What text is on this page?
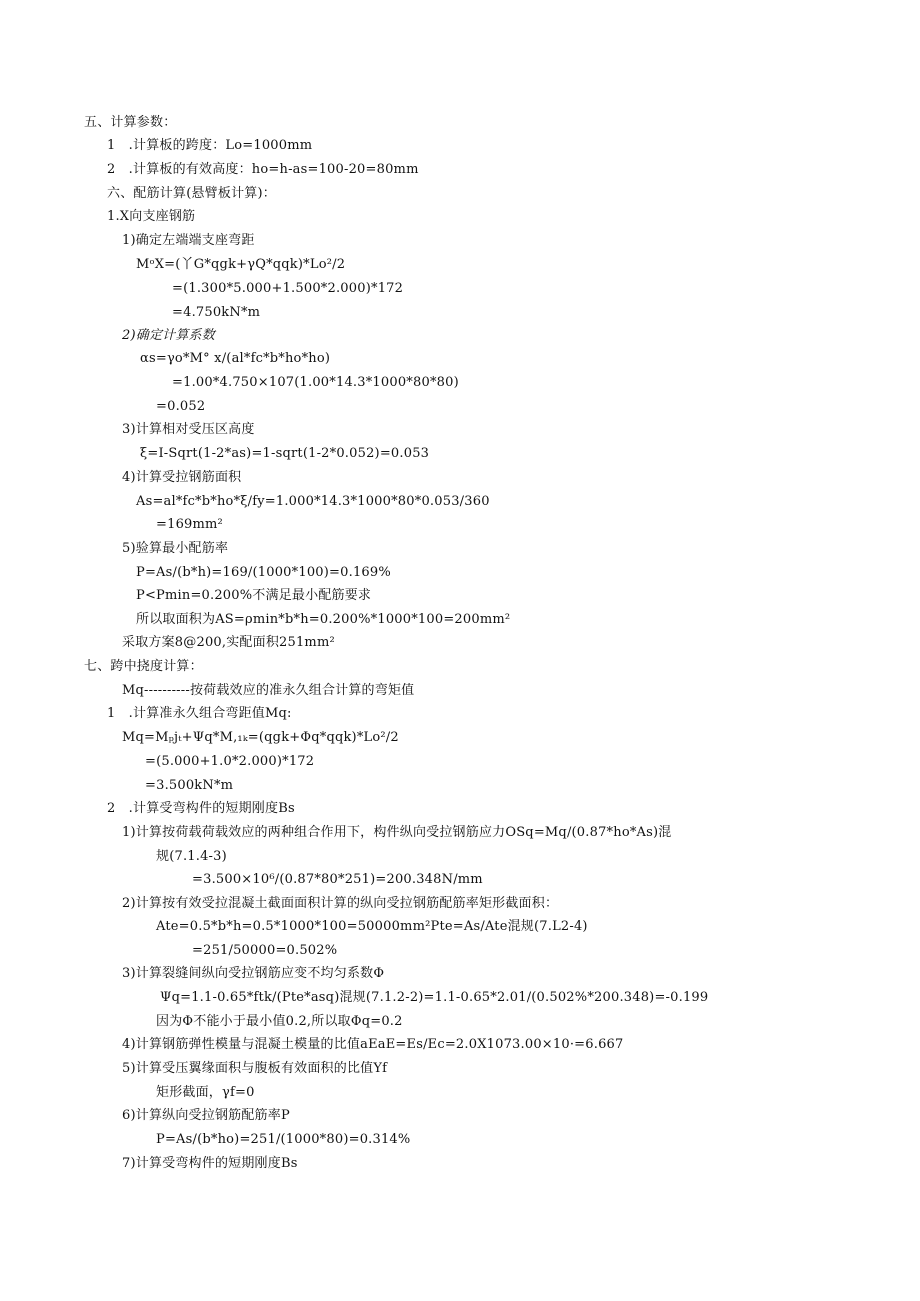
五、计算参数：
1　.计算板的跨度：Lo=1000mm
2　.计算板的有效高度：ho=h-as=100-20=80mm
六、配筋计算(悬臂板计算)：
1.X向支座钢筋
1)确定左端端支座弯距
MᵒX=(丫G*qgk+γQ*qqk)*Lo²/2
=(1.300*5.000+1.500*2.000)*172
=4.750kN*m
2)确定计算系数
αs=γo*M° x/(al*fc*b*ho*ho)
=1.00*4.750×107(1.00*14.3*1000*80*80)
=0.052
3)计算相对受压区高度
ξ=I-Sqrt(1-2*as)=1-sqrt(1-2*0.052)=0.053
4)计算受拉钢筋面积
As=al*fc*b*ho*ξ/fy=1.000*14.3*1000*80*0.053/360
=169mm²
5)验算最小配筋率
P=As/(b*h)=169/(1000*100)=0.169%
P<Pmin=0.200%不满足最小配筋要求
所以取面积为AS=ρmin*b*h=0.200%*1000*100=200mm²
采取方案8@200,实配面积251mm²
七、跨中挠度计算：
Mq----------按荷载效应的准永久组合计算的弯矩值
1　.计算准永久组合弯距值Mq:
Mq=Mₚjₜ+Ψq*M,₁ₖ=(qgk+Φq*qqk)*Lo²/2
=(5.000+1.0*2.000)*172
=3.500kN*m
2　.计算受弯构件的短期刚度Bs
1)计算按荷载荷载效应的两种组合作用下，构件纵向受拉钢筋应力OSq=Mq/(0.87*ho*As)混
规(7.1.4-3)
=3.500×10⁶/(0.87*80*251)=200.348N/mm
2)计算按有效受拉混凝土截面面积计算的纵向受拉钢筋配筋率矩形截面积：
Ate=0.5*b*h=0.5*1000*100=50000mm²Pte=As/Ate混规(7.L2-4)
=251/50000=0.502%
3)计算裂缝间纵向受拉钢筋应变不均匀系数Φ
Ψq=1.1-0.65*ftk/(Pte*asq)混规(7.1.2-2)=1.1-0.65*2.01/(0.502%*200.348)=-0.199
因为Φ不能小于最小值0.2,所以取Φq=0.2
4)计算钢筋弹性模量与混凝土模量的比值aEaE=Es/Ec=2.0X1073.00×10·=6.667
5)计算受压翼缘面积与腹板有效面积的比值Yf
矩形截面，γf=0
6)计算纵向受拉钢筋配筋率P
P=As/(b*ho)=251/(1000*80)=0.314%
7)计算受弯构件的短期刚度Bs
